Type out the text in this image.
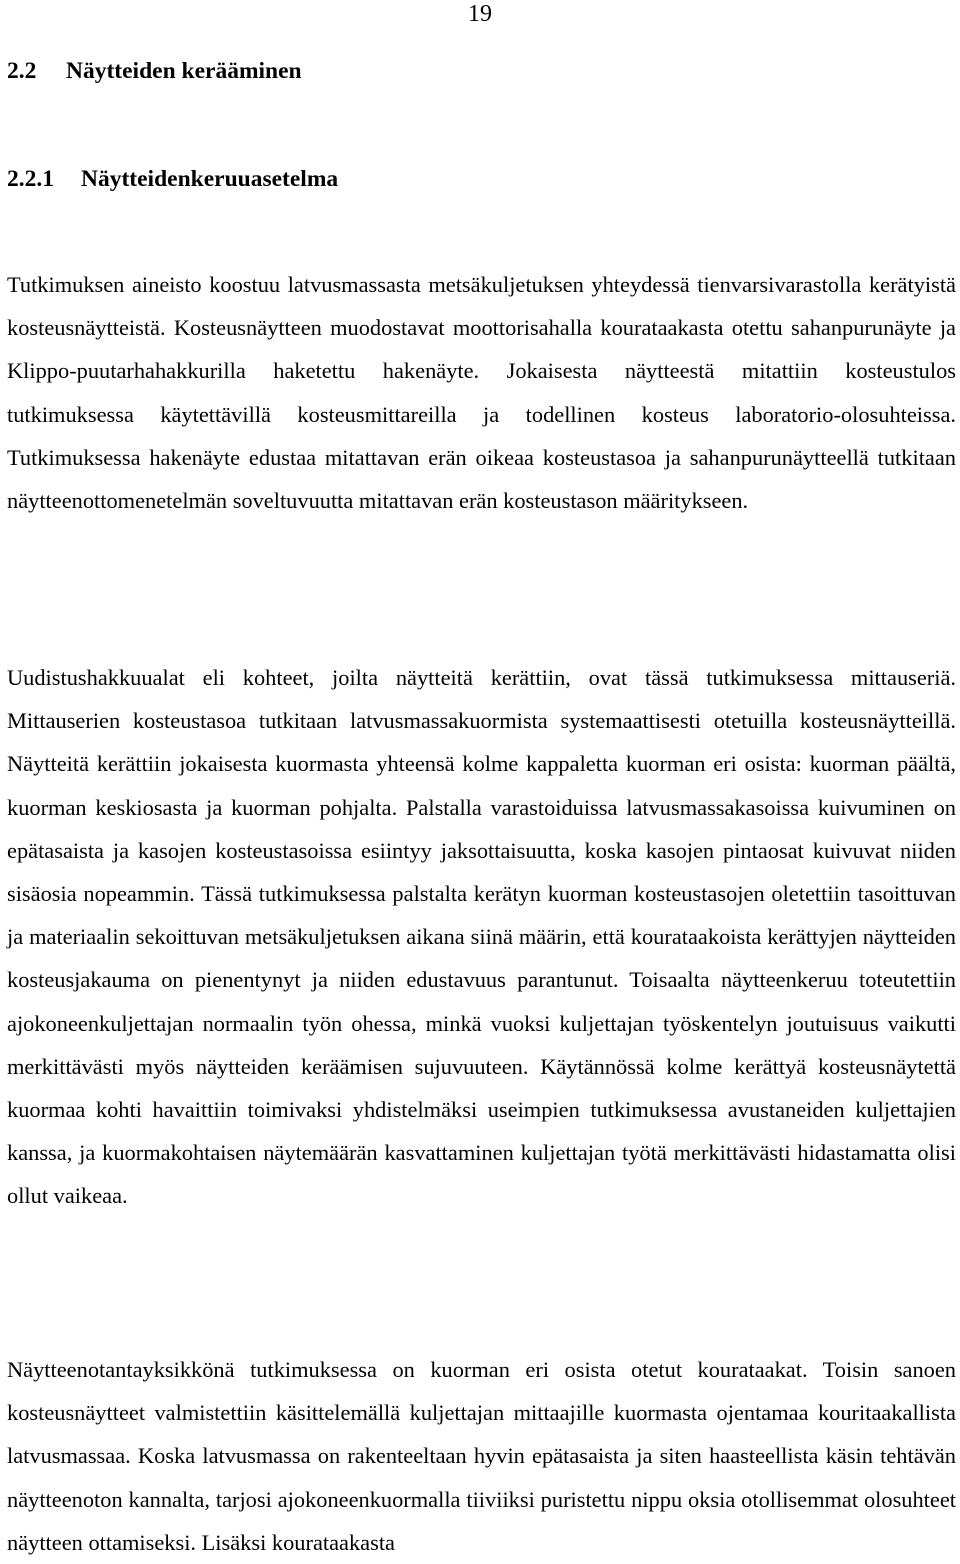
19
2.2 Näytteiden kerääminen
2.2.1 Näytteidenkeruuasetelma

Tutkimuksen aineisto koostuu latvusmassasta metsäkuljetuksen yhteydessä tienvarsivarastolla kerätyistä kosteusnäytteistä. Kosteusnäytteen muodostavat moottorisahalla kourataakasta otettu sahanpurunäyte ja Klippo-puutarhahakkurilla haketettu hakenäyte. Jokaisesta näytteestä mitattiin kosteustulos tutkimuksessa käytettävillä kosteusmittareilla ja todellinen kosteus laboratorio-olosuhteissa. Tutkimuksessa hakenäyte edustaa mitattavan erän oikeaa kosteustasoa ja sahanpurunäytteellä tutkitaan näytteenottomenetelmän soveltuvuutta mitattavan erän kosteustason määritykseen.

Uudistushakkuualat eli kohteet, joilta näytteitä kerättiin, ovat tässä tutkimuksessa mittauseriä. Mittauserien kosteustasoa tutkitaan latvusmassakuormista systemaattisesti otetuilla kosteusnäytteillä. Näytteitä kerättiin jokaisesta kuormasta yhteensä kolme kappaletta kuorman eri osista: kuorman päältä, kuorman keskiosasta ja kuorman pohjalta. Palstalla varastoiduissa latvusmassakasoissa kuivuminen on epätasaista ja kasojen kosteustasoissa esiintyy jaksottaisuutta, koska kasojen pintaosat kuivuvat niiden sisäosia nopeammin. Tässä tutkimuksessa palstalta kerätyn kuorman kosteustasojen oletettiin tasoittuvan ja materiaalin sekoittuvan metsäkuljetuksen aikana siinä määrin, että kourataakoista kerättyjen näytteiden kosteusjakauma on pienentynyt ja niiden edustavuus parantunut. Toisaalta näytteenkeruu toteutettiin ajokoneenkuljettajan normaalin työn ohessa, minkä vuoksi kuljettajan työskentelyn joutuisuus vaikutti merkittävästi myös näytteiden keräämisen sujuvuuteen. Käytännössä kolme kerättyä kosteusnäytettä kuormaa kohti havaittiin toimivaksi yhdistelmäksi useimpien tutkimuksessa avustaneiden kuljettajien kanssa, ja kuormakohtaisen näytemäärän kasvattaminen kuljettajan työtä merkittävästi hidastamatta olisi ollut vaikeaa.

Näytteenotantayksikkönä tutkimuksessa on kuorman eri osista otetut kourataakat. Toisin sanoen kosteusnäytteet valmistettiin käsittelemällä kuljettajan mittaajille kuormasta ojentamaa kouritaakallista latvusmassaa. Koska latvusmassa on rakenteeltaan hyvin epätasaista ja siten haasteellista käsin tehtävän näytteenoton kannalta, tarjosi ajokoneenkuormalla tiiviiksi puristettu nippu oksia otollisemmat olosuhteet näytteen ottamiseksi. Lisäksi kourataakasta
